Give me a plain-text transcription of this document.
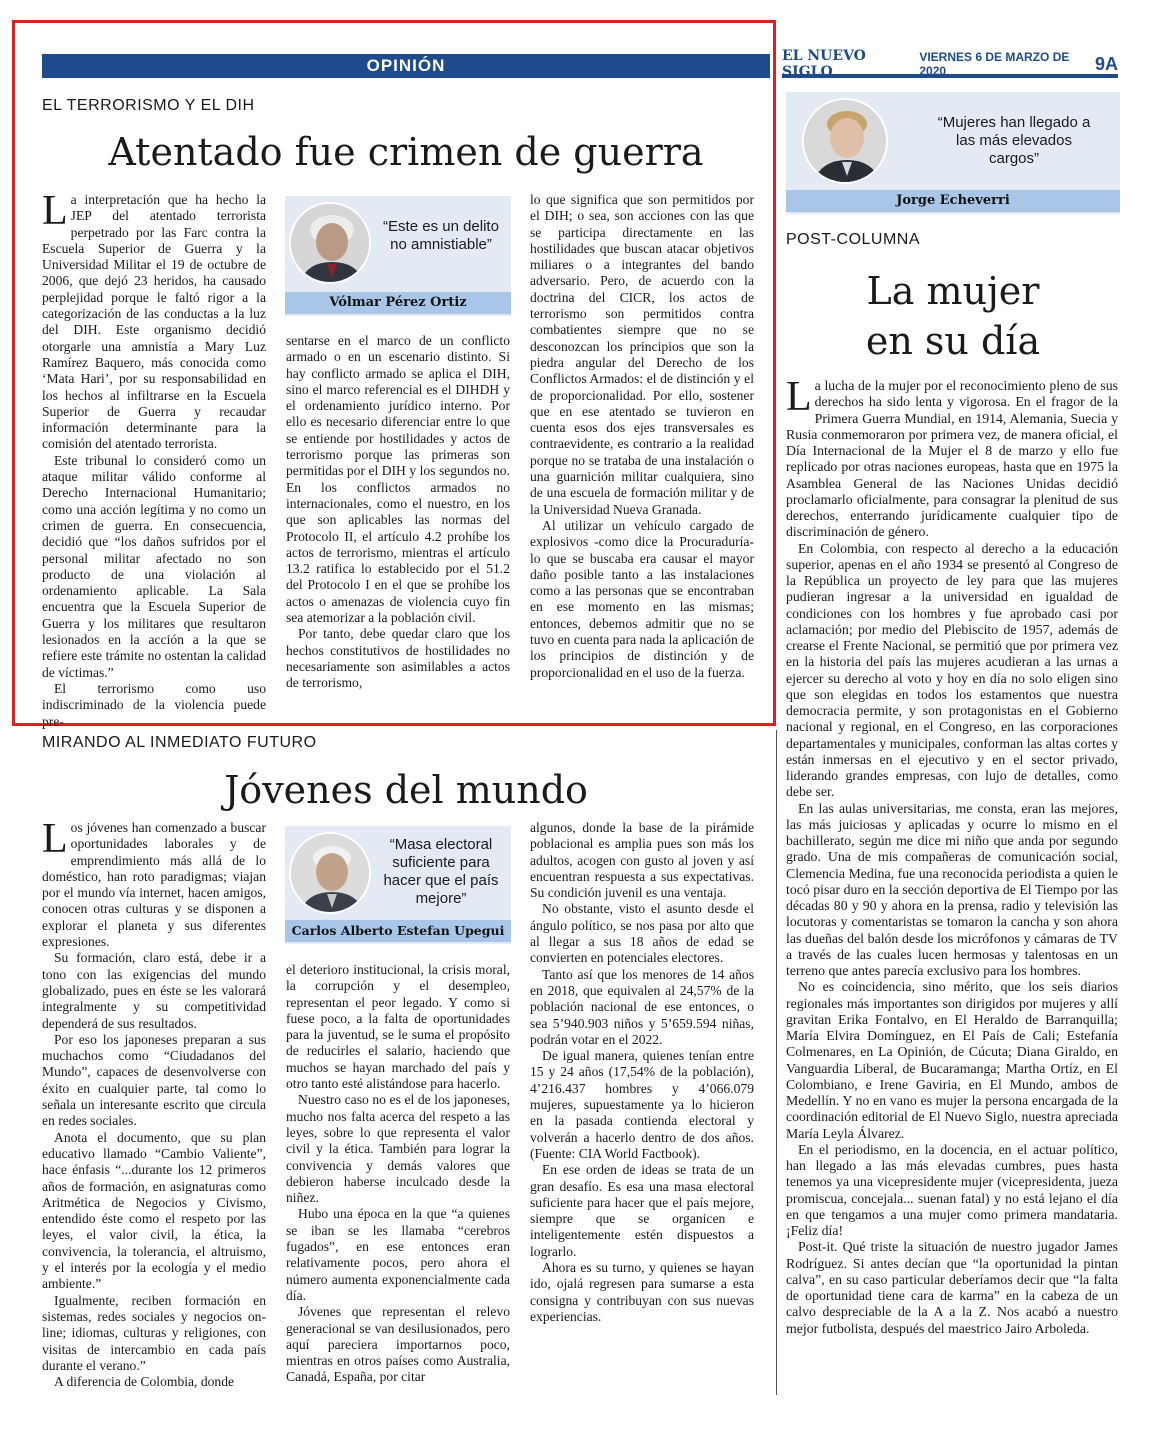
OPINIÓN	EL NUEVO SIGLO
VIERNES 6 DE MARZO DE 2020	9A
EL TERRORISMO Y EL DIH
Atentado fue crimen de guerra

La interpretación que ha hecho la JEP del atentado terrorista perpetrado por las Farc contra la Escuela Superior de Guerra y la Universidad Militar el 19 de octubre de 2006, que dejó 23 heridos, ha causado perplejidad porque le faltó rigor a la categorización de las conductas a la luz del DIH. Este organismo decidió otorgarle una amnistía a Mary Luz Ramírez Baquero, más conocida como ‘Mata Hari’, por su responsabilidad en los hechos al infiltrarse en la Escuela Superior de Guerra y recaudar información determinante para la comisión del atentado terrorista.

Este tribunal lo consideró como un ataque militar válido conforme al Derecho Internacional Humanitario; como una acción legítima y no como un crimen de guerra. En consecuencia, decidió que “los daños sufridos por el personal militar afectado no son producto de una violación al ordenamiento aplicable. La Sala encuentra que la Escuela Superior de Guerra y los militares que resultaron lesionados en la acción a la que se refiere este trámite no ostentan la calidad de víctimas.”

El terrorismo como uso indiscriminado de la violencia puede pre-

“Este es un delito no amnistiable”
Vólmar Pérez Ortiz

sentarse en el marco de un conflicto armado o en un escenario distinto. Si hay conflicto armado se aplica el DIH, sino el marco referencial es el DIHDH y el ordenamiento jurídico interno. Por ello es necesario diferenciar entre lo que se entiende por hostilidades y actos de terrorismo porque las primeras son permitidas por el DIH y los segundos no. En los conflictos armados no internacionales, como el nuestro, en los que son aplicables las normas del Protocolo II, el artículo 4.2 prohíbe los actos de terrorismo, mientras el artículo 13.2 ratifica lo establecido por el 51.2 del Protocolo I en el que se prohíbe los actos o amenazas de violencia cuyo fin sea atemorizar a la población civil.

Por tanto, debe quedar claro que los hechos constitutivos de hostilidades no necesariamente son asimilables a actos de terrorismo,

lo que significa que son permitidos por el DIH; o sea, son acciones con las que se participa directamente en las hostilidades que buscan atacar objetivos miliares o a integrantes del bando adversario. Pero, de acuerdo con la doctrina del CICR, los actos de terrorismo son permitidos contra combatientes siempre que no se desconozcan los principios que son la piedra angular del Derecho de los Conflictos Armados: el de distinción y el de proporcionalidad. Por ello, sostener que en ese atentado se tuvieron en cuenta esos dos ejes transversales es contraevidente, es contrario a la realidad porque no se trataba de una instalación o una guarnición militar cualquiera, sino de una escuela de formación militar y de la Universidad Nueva Granada.

Al utilizar un vehículo cargado de explosivos -como dice la Procuraduría- lo que se buscaba era causar el mayor daño posible tanto a las instalaciones como a las personas que se encontraban en ese momento en las mismas; entonces, debemos admitir que no se tuvo en cuenta para nada la aplicación de los principios de distinción y de proporcionalidad en el uso de la fuerza.

MIRANDO AL INMEDIATO FUTURO
Jóvenes del mundo

Los jóvenes han comenzado a buscar oportunidades laborales y de emprendimiento más allá de lo doméstico, han roto paradigmas; viajan por el mundo vía internet, hacen amigos, conocen otras culturas y se disponen a explorar el planeta y sus diferentes expresiones.

Su formación, claro está, debe ir a tono con las exigencias del mundo globalizado, pues en éste se les valorará integralmente y su competitividad dependerá de sus resultados.

Por eso los japoneses preparan a sus muchachos como “Ciudadanos del Mundo”, capaces de desenvolverse con éxito en cualquier parte, tal como lo señala un interesante escrito que circula en redes sociales.

Anota el documento, que su plan educativo llamado “Cambio Valiente”, hace énfasis “...durante los 12 primeros años de formación, en asignaturas como Aritmética de Negocios y Civismo, entendido éste como el respeto por las leyes, el valor civil, la ética, la convivencia, la tolerancia, el altruismo, y el interés por la ecología y el medio ambiente.”

Igualmente, reciben formación en sistemas, redes sociales y negocios on-line; idiomas, culturas y religiones, con visitas de intercambio en cada país durante el verano.”

A diferencia de Colombia, donde

“Masa electoral suficiente para hacer que el país mejore”
Carlos Alberto Estefan Upegui

el deterioro institucional, la crisis moral, la corrupción y el desempleo, representan el peor legado. Y como si fuese poco, a la falta de oportunidades para la juventud, se le suma el propósito de reducirles el salario, haciendo que muchos se hayan marchado del país y otro tanto esté alistándose para hacerlo.

Nuestro caso no es el de los japoneses, mucho nos falta acerca del respeto a las leyes, sobre lo que representa el valor civil y la ética. También para lograr la convivencia y demás valores que debieron haberse inculcado desde la niñez.

Hubo una época en la que “a quienes se iban se les llamaba “cerebros fugados”, en ese entonces eran relativamente pocos, pero ahora el número aumenta exponencialmente cada día.

Jóvenes que representan el relevo generacional se van desilusionados, pero aquí pareciera importarnos poco, mientras en otros países como Australia, Canadá, España, por citar

algunos, donde la base de la pirámide poblacional es amplia pues son más los adultos, acogen con gusto al joven y así encuentran respuesta a sus expectativas. Su condición juvenil es una ventaja.

No obstante, visto el asunto desde el ángulo político, se nos pasa por alto que al llegar a sus 18 años de edad se convierten en potenciales electores.

Tanto así que los menores de 14 años en 2018, que equivalen al 24,57% de la población nacional de ese entonces, o sea 5’940.903 niños y 5’659.594 niñas, podrán votar en el 2022.

De igual manera, quienes tenían entre 15 y 24 años (17,54% de la población), 4’216.437 hombres y 4’066.079 mujeres, supuestamente ya lo hicieron en la pasada contienda electoral y volverán a hacerlo dentro de dos años.(Fuente: CIA World Factbook).

En ese orden de ideas se trata de un gran desafío. Es esa una masa electoral suficiente para hacer que el país mejore, siempre que se organicen e inteligentemente estén dispuestos a lograrlo.

Ahora es su turno, y quienes se hayan ido, ojalá regresen para sumarse a esta consigna y contribuyan con sus nuevas experiencias.

“Mujeres han llegado a las más elevados cargos”
Jorge Echeverri
POST-COLUMNA
La mujer
en su día

La lucha de la mujer por el reconocimiento pleno de sus derechos ha sido lenta y vigorosa. En el fragor de la Primera Guerra Mundial, en 1914, Alemania, Suecia y Rusia conmemoraron por primera vez, de manera oficial, el Día Internacional de la Mujer el 8 de marzo y ello fue replicado por otras naciones europeas, hasta que en 1975 la Asamblea General de las Naciones Unidas decidió proclamarlo oficialmente, para consagrar la plenitud de sus derechos, enterrando jurídicamente cualquier tipo de discriminación de género.

En Colombia, con respecto al derecho a la educación superior, apenas en el año 1934 se presentó al Congreso de la República un proyecto de ley para que las mujeres pudieran ingresar a la universidad en igualdad de condiciones con los hombres y fue aprobado casi por aclamación; por medio del Plebiscito de 1957, además de crearse el Frente Nacional, se permitió que por primera vez en la historia del país las mujeres acudieran a las urnas a ejercer su derecho al voto y hoy en día no solo eligen sino que son elegidas en todos los estamentos que nuestra democracia permite, y son protagonistas en el Gobierno nacional y regional, en el Congreso, en las corporaciones departamentales y municipales, conforman las altas cortes y están inmersas en el ejecutivo y en el sector privado, liderando grandes empresas, con lujo de detalles, como debe ser.

En las aulas universitarias, me consta, eran las mejores, las más juiciosas y aplicadas y ocurre lo mismo en el bachillerato, según me dice mi niño que anda por segundo grado. Una de mis compañeras de comunicación social, Clemencia Medina, fue una reconocida periodista a quien le tocó pisar duro en la sección deportiva de El Tiempo por las décadas 80 y 90 y ahora en la prensa, radio y televisión las locutoras y comentaristas se tomaron la cancha y son ahora las dueñas del balón desde los micrófonos y cámaras de TV a través de las cuales lucen hermosas y talentosas en un terreno que antes parecía exclusivo para los hombres.

No es coincidencia, sino mérito, que los seis diarios regionales más importantes son dirigidos por mujeres y allí gravitan Erika Fontalvo, en El Heraldo de Barranquilla; María Elvira Domínguez, en El País de Cali; Estefanía Colmenares, en La Opinión, de Cúcuta; Diana Giraldo, en Vanguardia Liberal, de Bucaramanga; Martha Ortíz, en El Colombiano, e Irene Gaviria, en El Mundo, ambos de Medellín. Y no en vano es mujer la persona encargada de la coordinación editorial de El Nuevo Siglo, nuestra apreciada María Leyla Álvarez.

En el periodismo, en la docencia, en el actuar político, han llegado a las más elevadas cumbres, pues hasta tenemos ya una vicepresidente mujer (vicepresidenta, jueza promiscua, concejala... suenan fatal) y no está lejano el día en que tengamos a una mujer como primera mandataria. ¡Feliz día!

Post-it. Qué triste la situación de nuestro jugador James Rodríguez. Si antes decían que “la oportunidad la pintan calva”, en su caso particular deberíamos decir que “la falta de oportunidad tiene cara de karma” en la cabeza de un calvo despreciable de la A a la Z. Nos acabó a nuestro mejor futbolista, después del maestrico Jairo Arboleda.
